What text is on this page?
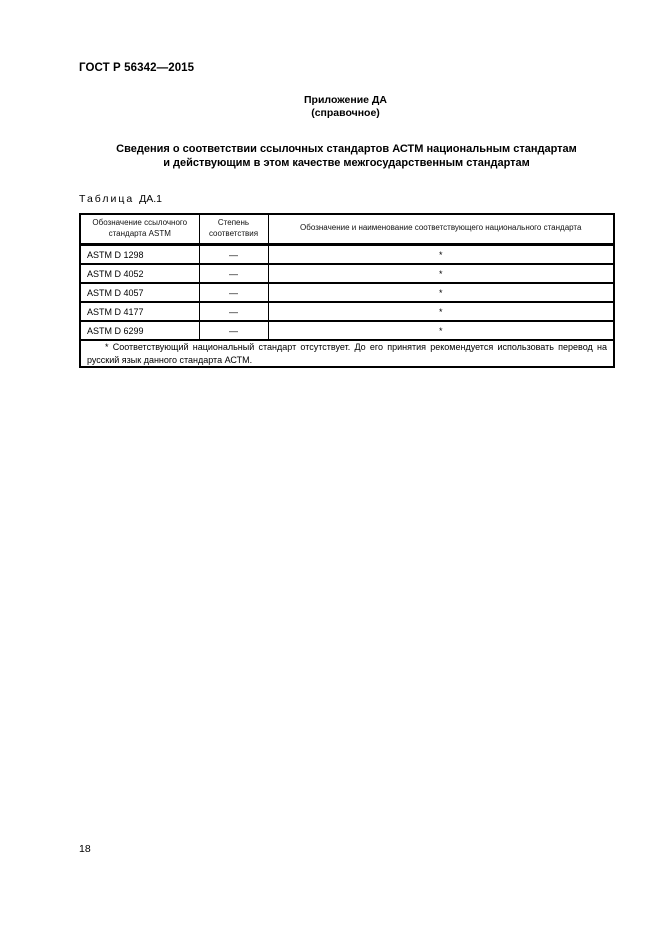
ГОСТ Р 56342—2015
Приложение ДА
(справочное)
Сведения о соответствии ссылочных стандартов АСТМ национальным стандартам
и действующим в этом качестве межгосударственным стандартам
Таблица ДА.1
Обозначение ссылочного стандарта ASTM	Степень соответствия	Обозначение и наименование соответствующего национального стандарта
ASTM D 1298	—	*
ASTM D 4052	—	*
ASTM D 4057	—	*
ASTM D 4177	—	*
ASTM D 6299	—	*
* Соответствующий национальный стандарт отсутствует. До его принятия рекомендуется использовать перевод на русский язык данного стандарта АСТМ.		
18
